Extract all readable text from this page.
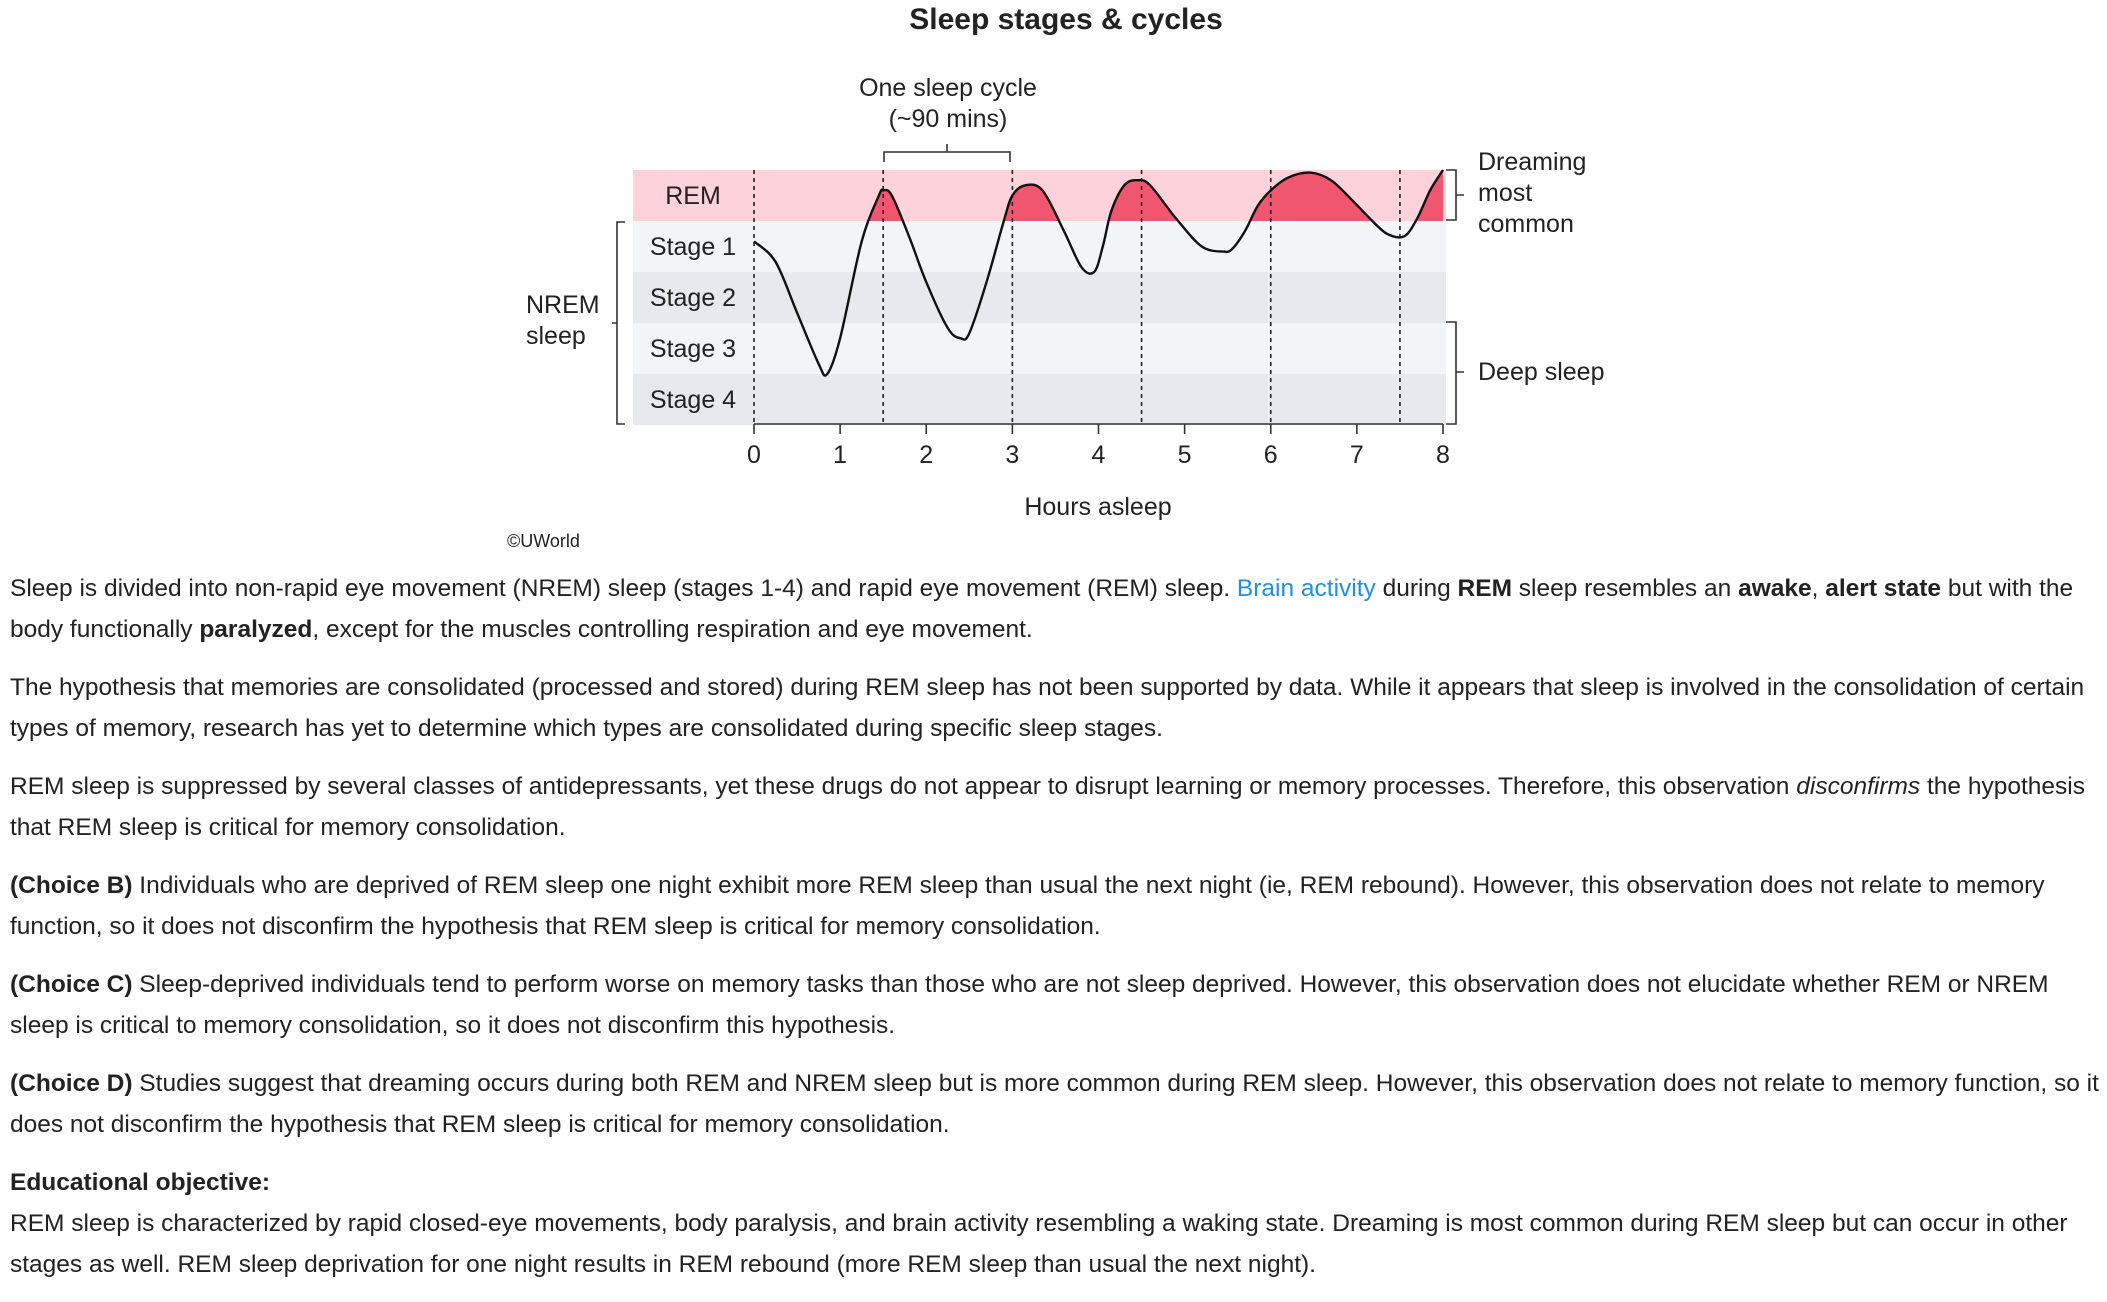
Sleep stages & cycles
REM
Stage 1
Stage 2
Stage 3
Stage 4
0	1	2	3	4	5	6	7	8
NREM
sleep
One sleep cycle
(~90 mins)
Dreaming
most
common
Deep sleep
Hours asleep
©UWorld

Sleep is divided into non-rapid eye movement (NREM) sleep (stages 1-4) and rapid eye movement (REM) sleep. Brain activity during REM sleep resembles an awake, alert state but with the body functionally paralyzed, except for the muscles controlling respiration and eye movement.

The hypothesis that memories are consolidated (processed and stored) during REM sleep has not been supported by data. While it appears that sleep is involved in the consolidation of certain types of memory, research has yet to determine which types are consolidated during specific sleep stages.

REM sleep is suppressed by several classes of antidepressants, yet these drugs do not appear to disrupt learning or memory processes. Therefore, this observation disconfirms the hypothesis that REM sleep is critical for memory consolidation.

(Choice B) Individuals who are deprived of REM sleep one night exhibit more REM sleep than usual the next night (ie, REM rebound). However, this observation does not relate to memory function, so it does not disconfirm the hypothesis that REM sleep is critical for memory consolidation.

(Choice C) Sleep-deprived individuals tend to perform worse on memory tasks than those who are not sleep deprived. However, this observation does not elucidate whether REM or NREM sleep is critical to memory consolidation, so it does not disconfirm this hypothesis.

(Choice D) Studies suggest that dreaming occurs during both REM and NREM sleep but is more common during REM sleep. However, this observation does not relate to memory function, so it does not disconfirm the hypothesis that REM sleep is critical for memory consolidation.

Educational objective:

REM sleep is characterized by rapid closed-eye movements, body paralysis, and brain activity resembling a waking state. Dreaming is most common during REM sleep but can occur in other stages as well. REM sleep deprivation for one night results in REM rebound (more REM sleep than usual the next night).
